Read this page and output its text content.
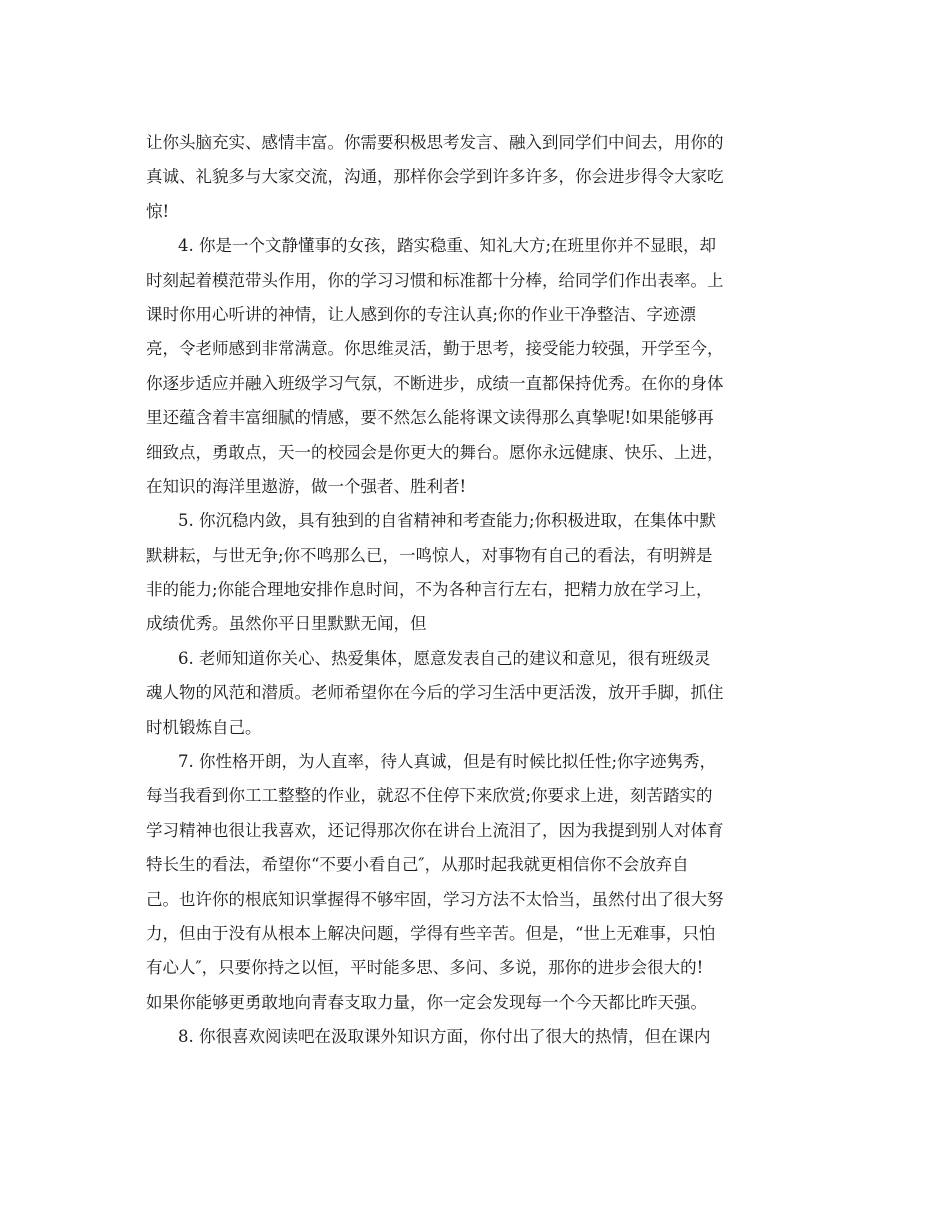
让你头脑充实、感情丰富。你需要积极思考发言、融入到同学们中间去，用你的
真诚、礼貌多与大家交流，沟通，那样你会学到许多许多，你会进步得令大家吃
惊!
4. 你是一个文静懂事的女孩，踏实稳重、知礼大方;在班里你并不显眼，却
时刻起着模范带头作用，你的学习习惯和标准都十分棒，给同学们作出表率。上
课时你用心听讲的神情，让人感到你的专注认真;你的作业干净整洁、字迹漂
亮，令老师感到非常满意。你思维灵活，勤于思考，接受能力较强，开学至今，
你逐步适应并融入班级学习气氛，不断进步，成绩一直都保持优秀。在你的身体
里还蕴含着丰富细腻的情感，要不然怎么能将课文读得那么真挚呢!如果能够再
细致点，勇敢点，天一的校园会是你更大的舞台。愿你永远健康、快乐、上进，
在知识的海洋里遨游，做一个强者、胜利者!
5. 你沉稳内敛，具有独到的自省精神和考查能力;你积极进取，在集体中默
默耕耘，与世无争;你不鸣那么已，一鸣惊人，对事物有自己的看法，有明辨是
非的能力;你能合理地安排作息时间，不为各种言行左右，把精力放在学习上，
成绩优秀。虽然你平日里默默无闻，但
6. 老师知道你关心、热爱集体，愿意发表自己的建议和意见，很有班级灵
魂人物的风范和潜质。老师希望你在今后的学习生活中更活泼，放开手脚，抓住
时机锻炼自己。
7. 你性格开朗，为人直率，待人真诚，但是有时候比拟任性;你字迹隽秀，
每当我看到你工工整整的作业，就忍不住停下来欣赏;你要求上进，刻苦踏实的
学习精神也很让我喜欢，还记得那次你在讲台上流泪了，因为我提到别人对体育
特长生的看法，希望你“不要小看自己″，从那时起我就更相信你不会放弃自
己。也许你的根底知识掌握得不够牢固，学习方法不太恰当，虽然付出了很大努
力，但由于没有从根本上解决问题，学得有些辛苦。但是，“世上无难事，只怕
有心人″，只要你持之以恒，平时能多思、多问、多说，那你的进步会很大的!
如果你能够更勇敢地向青春支取力量，你一定会发现每一个今天都比昨天强。
8. 你很喜欢阅读吧在汲取课外知识方面，你付出了很大的热情，但在课内
